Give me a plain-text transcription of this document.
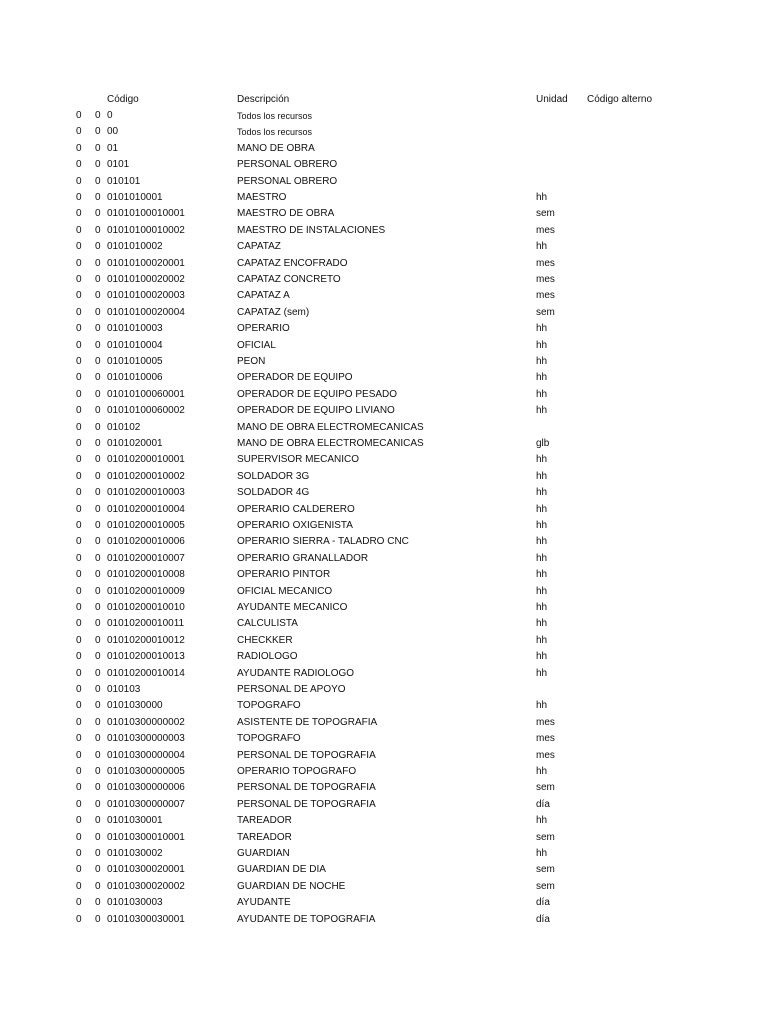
Código	Descripción	Unidad Código alterno
0 0 0	Todos los recursos
0 0 00	Todos los recursos
0 0 01	MANO DE OBRA
0 0 0101	PERSONAL OBRERO
0 0 010101	PERSONAL OBRERO
0 0 0101010001	MAESTRO	hh
0 0 01010100010001	MAESTRO DE OBRA	sem
0 0 01010100010002	MAESTRO DE INSTALACIONES	mes
0 0 0101010002	CAPATAZ	hh
0 0 01010100020001	CAPATAZ ENCOFRADO	mes
0 0 01010100020002	CAPATAZ CONCRETO	mes
0 0 01010100020003	CAPATAZ A	mes
0 0 01010100020004	CAPATAZ (sem)	sem
0 0 0101010003	OPERARIO	hh
0 0 0101010004	OFICIAL	hh
0 0 0101010005	PEON	hh
0 0 0101010006	OPERADOR DE EQUIPO	hh
0 0 01010100060001	OPERADOR DE EQUIPO PESADO	hh
0 0 01010100060002	OPERADOR DE EQUIPO LIVIANO	hh
0 0 010102	MANO DE OBRA ELECTROMECANICAS
0 0 0101020001	MANO DE OBRA ELECTROMECANICAS	glb
0 0 01010200010001	SUPERVISOR MECANICO	hh
0 0 01010200010002	SOLDADOR 3G	hh
0 0 01010200010003	SOLDADOR 4G	hh
0 0 01010200010004	OPERARIO CALDERERO	hh
0 0 01010200010005	OPERARIO OXIGENISTA	hh
0 0 01010200010006	OPERARIO SIERRA - TALADRO CNC	hh
0 0 01010200010007	OPERARIO GRANALLADOR	hh
0 0 01010200010008	OPERARIO PINTOR	hh
0 0 01010200010009	OFICIAL MECANICO	hh
0 0 01010200010010	AYUDANTE MECANICO	hh
0 0 01010200010011	CALCULISTA	hh
0 0 01010200010012	CHECKKER	hh
0 0 01010200010013	RADIOLOGO	hh
0 0 01010200010014	AYUDANTE RADIOLOGO	hh
0 0 010103	PERSONAL DE APOYO
0 0 0101030000	TOPOGRAFO	hh
0 0 01010300000002	ASISTENTE DE TOPOGRAFIA	mes
0 0 01010300000003	TOPOGRAFO	mes
0 0 01010300000004	PERSONAL DE TOPOGRAFIA	mes
0 0 01010300000005	OPERARIO TOPOGRAFO	hh
0 0 01010300000006	PERSONAL DE TOPOGRAFIA	sem
0 0 01010300000007	PERSONAL DE TOPOGRAFIA	día
0 0 0101030001	TAREADOR	hh
0 0 01010300010001	TAREADOR	sem
0 0 0101030002	GUARDIAN	hh
0 0 01010300020001	GUARDIAN DE DIA	sem
0 0 01010300020002	GUARDIAN DE NOCHE	sem
0 0 0101030003	AYUDANTE	día
0 0 01010300030001	AYUDANTE DE TOPOGRAFIA	día
